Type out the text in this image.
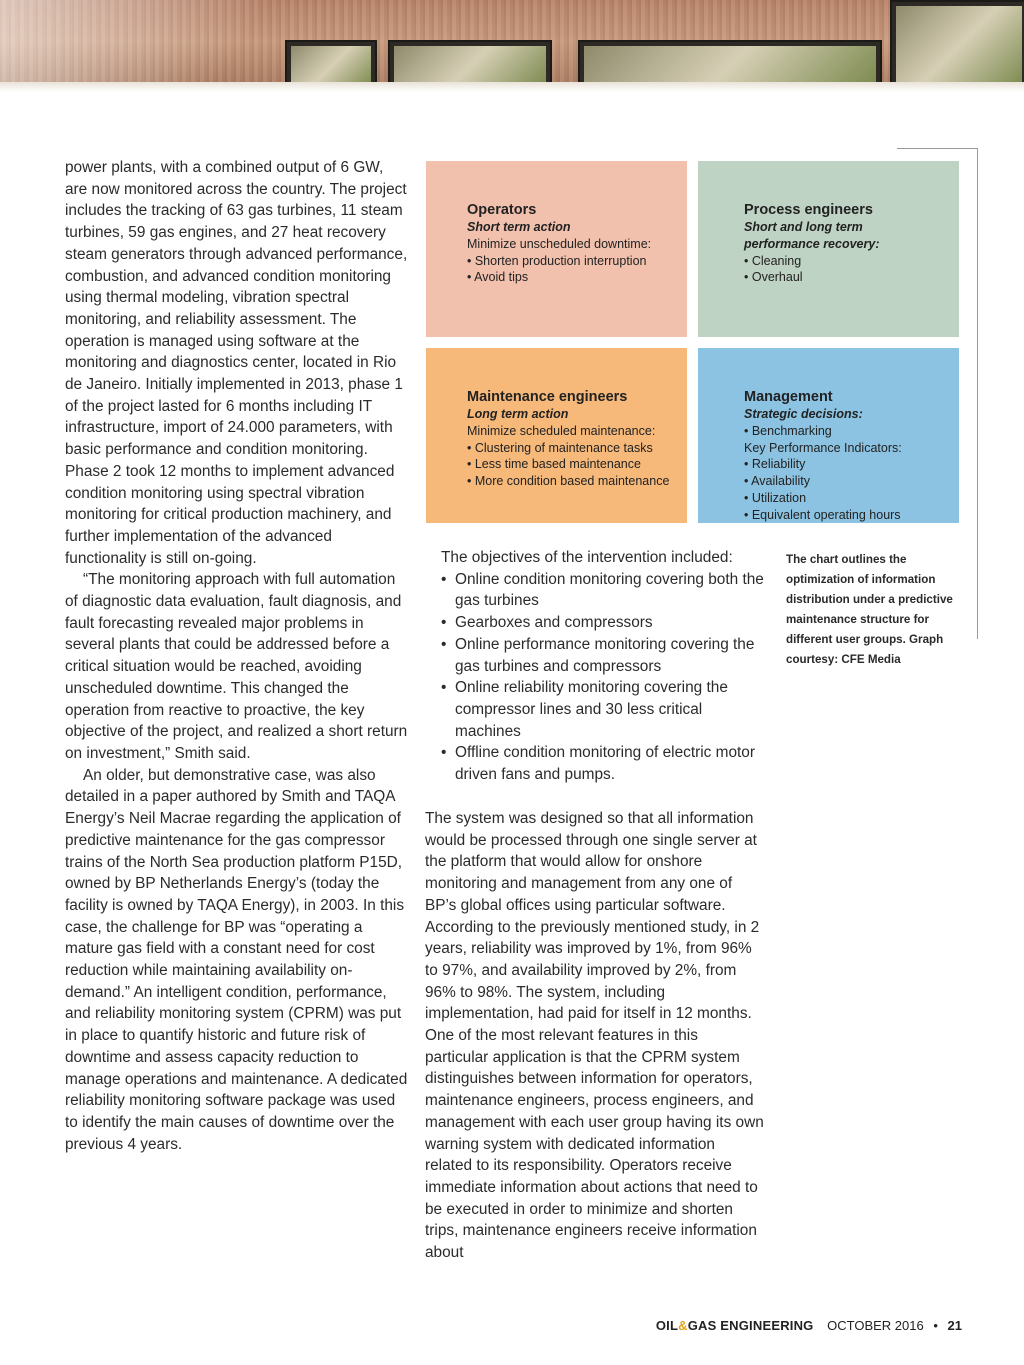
power plants, with a combined output of 6 GW, are now monitored across the country. The project includes the tracking of 63 gas turbines, 11 steam turbines, 59 gas engines, and 27 heat recovery steam generators through advanced performance, combustion, and advanced condition monitoring using thermal modeling, vibration spectral monitoring, and reliability assessment. The operation is managed using software at the monitoring and diagnostics center, located in Rio de Janeiro. Initially implemented in 2013, phase 1 of the project lasted for 6 months including IT infrastructure, import of 24.000 parameters, with basic performance and condition monitoring. Phase 2 took 12 months to implement advanced condition monitoring using spectral vibration monitoring for critical production machinery, and further implementation of the advanced functionality is still on-going.

“The monitoring approach with full automation of diagnostic data evaluation, fault diagnosis, and fault forecasting revealed major problems in several plants that could be addressed before a critical situation would be reached, avoiding unscheduled downtime. This changed the operation from reactive to proactive, the key objective of the project, and realized a short return on investment,” Smith said.

An older, but demonstrative case, was also detailed in a paper authored by Smith and TAQA Energy’s Neil Macrae regarding the application of predictive maintenance for the gas compressor trains of the North Sea production platform P15D, owned by BP Netherlands Energy’s (today the facility is owned by TAQA Energy), in 2003. In this case, the challenge for BP was “operating a mature gas field with a constant need for cost reduction while maintaining availability on-demand.” An intelligent condition, performance, and reliability monitoring system (CPRM) was put in place to quantify historic and future risk of downtime and assess capacity reduction to manage operations and maintenance. A dedicated reliability monitoring software package was used to identify the main causes of downtime over the previous 4 years.

Operators
Short term action
Minimize unscheduled downtime:
• Shorten production interruption
• Avoid tips
Process engineers
Short and long term performance recovery:
• Cleaning
• Overhaul
Maintenance engineers
Long term action
Minimize scheduled maintenance:
• Clustering of maintenance tasks
• Less time based maintenance
• More condition based maintenance
Management
Strategic decisions:
• Benchmarking
Key Performance Indicators:
• Reliability
• Availability
• Utilization
• Equivalent operating hours
The chart outlines the optimization of information distribution under a predictive maintenance structure for different user groups. Graph courtesy: CFE Media

The objectives of the intervention included:

• Online condition monitoring covering both the gas turbines
• Gearboxes and compressors
• Online performance monitoring covering the gas turbines and compressors
• Online reliability monitoring covering the compressor lines and 30 less critical machines
• Offline condition monitoring of electric motor driven fans and pumps.

The system was designed so that all information would be processed through one single server at the platform that would allow for onshore monitoring and management from any one of BP’s global offices using particular software. According to the previously mentioned study, in 2 years, reliability was improved by 1%, from 96% to 97%, and availability improved by 2%, from 96% to 98%. The system, including implementation, had paid for itself in 12 months. One of the most relevant features in this particular application is that the CPRM system distinguishes between information for operators, maintenance engineers, process engineers, and management with each user group having its own warning system with dedicated information related to its responsibility. Operators receive immediate information about actions that need to be executed in order to minimize and shorten trips, maintenance engineers receive information about

OIL&GAS ENGINEERING OCTOBER 2016 • 21
